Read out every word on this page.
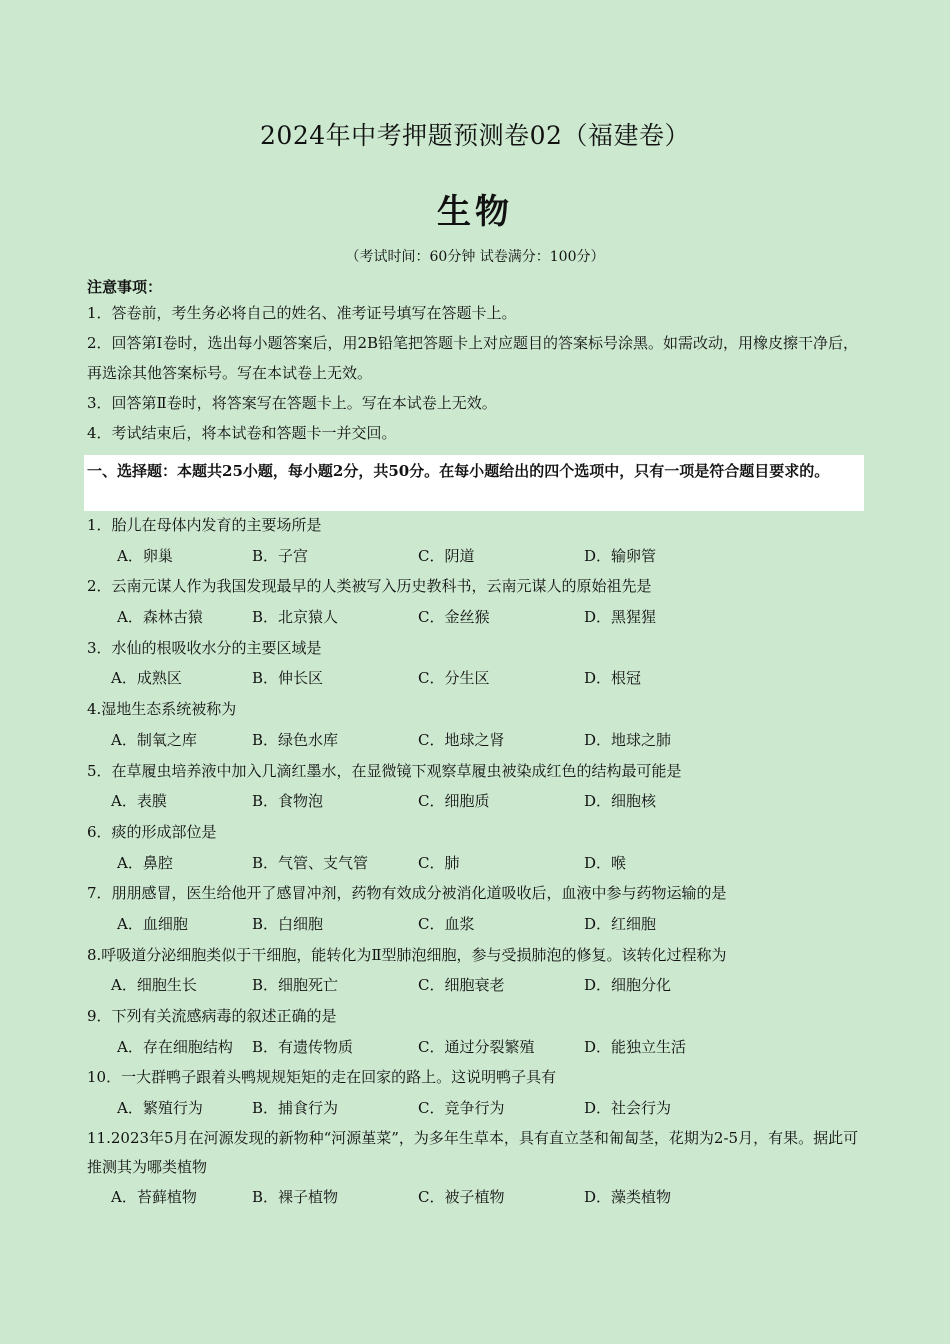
2024年中考押题预测卷02（福建卷）
生物
（考试时间：60分钟 试卷满分：100分）
注意事项：
1．答卷前，考生务必将自己的姓名、准考证号填写在答题卡上。
2．回答第Ⅰ卷时，选出每小题答案后，用2B铅笔把答题卡上对应题目的答案标号涂黑。如需改动，用橡皮擦干净后，再选涂其他答案标号。写在本试卷上无效。
3．回答第Ⅱ卷时，将答案写在答题卡上。写在本试卷上无效。
4．考试结束后，将本试卷和答题卡一并交回。
一、选择题：本题共25小题，每小题2分，共50分。在每小题给出的四个选项中，只有一项是符合题目要求的。
1．胎儿在母体内发育的主要场所是
A．卵巢	B．子宫	C．阴道	D．输卵管
2．云南元谋人作为我国发现最早的人类被写入历史教科书，云南元谋人的原始祖先是
A．森林古猿	B．北京猿人	C．金丝猴	D．黑猩猩
3．水仙的根吸收水分的主要区域是
A．成熟区	B．伸长区	C．分生区	D．根冠
4.湿地生态系统被称为
A．制氧之库	B．绿色水库	C．地球之肾	D．地球之肺
5．在草履虫培养液中加入几滴红墨水，在显微镜下观察草履虫被染成红色的结构最可能是
A．表膜	B．食物泡	C．细胞质	D．细胞核
6．痰的形成部位是
A．鼻腔	B．气管、支气管	C．肺	D．喉
7．朋朋感冒，医生给他开了感冒冲剂，药物有效成分被消化道吸收后，血液中参与药物运输的是
A．血细胞	B．白细胞	C．血浆	D．红细胞
8.呼吸道分泌细胞类似于干细胞，能转化为Ⅱ型肺泡细胞，参与受损肺泡的修复。该转化过程称为
A．细胞生长	B．细胞死亡	C．细胞衰老	D．细胞分化
9．下列有关流感病毒的叙述正确的是
A．存在细胞结构 B．有遗传物质	C．通过分裂繁殖	D．能独立生活
10．一大群鸭子跟着头鸭规规矩矩的走在回家的路上。这说明鸭子具有
A．繁殖行为	B．捕食行为	C．竞争行为	D．社会行为
11.2023年5月在河源发现的新物种“河源堇菜”，为多年生草本，具有直立茎和匍匐茎，花期为2-5月，有果。据此可推测其为哪类植物
A．苔藓植物	B．裸子植物	C．被子植物	D．藻类植物
